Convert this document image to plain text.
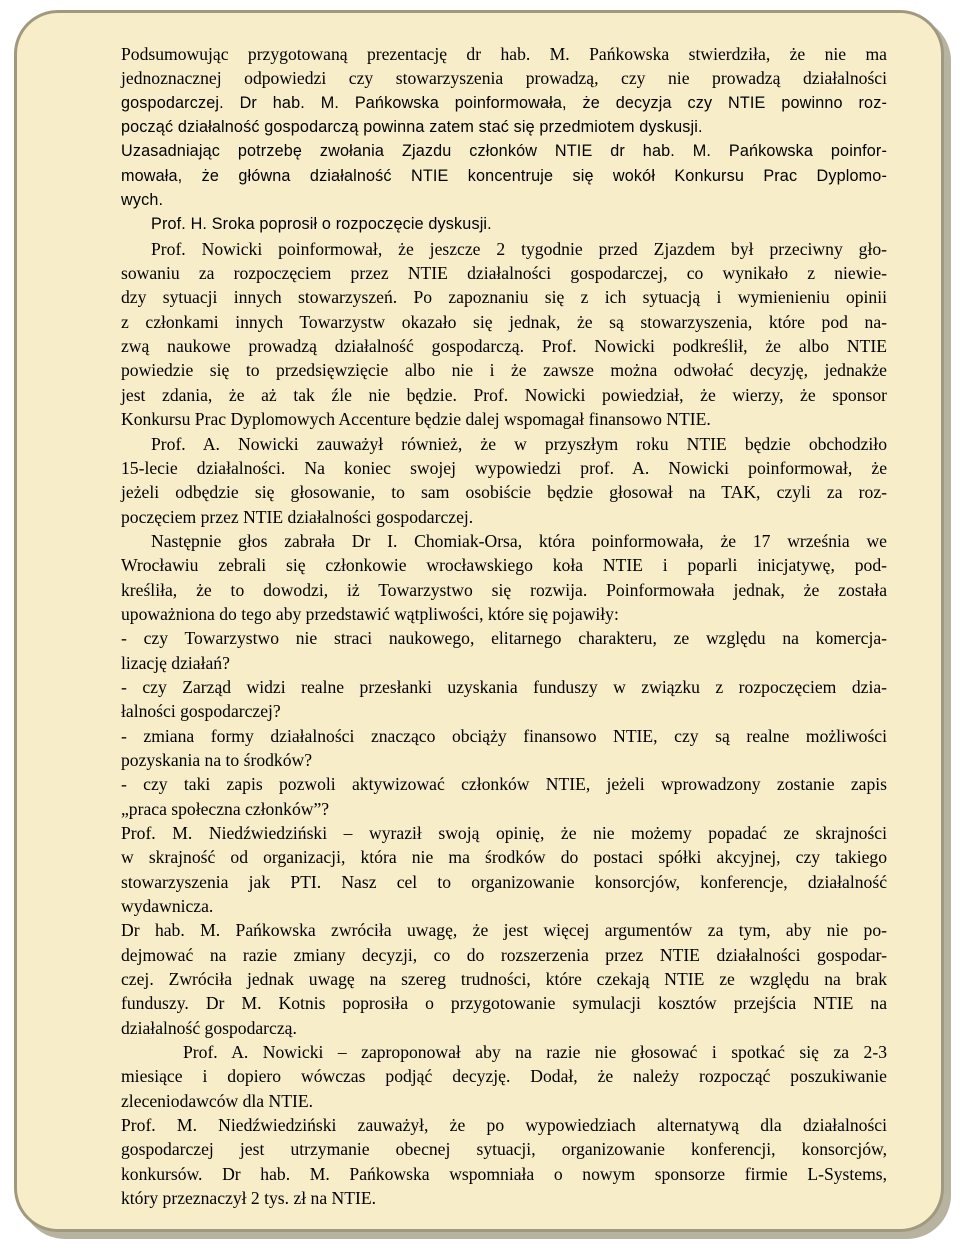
Podsumowując przygotowaną prezentację dr hab. M. Pańkowska stwierdziła, że nie ma
jednoznacznej odpowiedzi czy stowarzyszenia prowadzą, czy nie prowadzą działalności
gospodarczej. Dr hab. M. Pańkowska poinformowała, że decyzja czy NTIE powinno roz-
począć działalność gospodarczą powinna zatem stać się przedmiotem dyskusji.
Uzasadniając potrzebę zwołania Zjazdu członków NTIE dr hab. M. Pańkowska poinfor-
mowała, że główna działalność NTIE koncentruje się wokół Konkursu Prac Dyplomo-
wych.
Prof. H. Sroka poprosił o rozpoczęcie dyskusji.
Prof. Nowicki poinformował, że jeszcze 2 tygodnie przed Zjazdem był przeciwny gło-
sowaniu za rozpoczęciem przez NTIE działalności gospodarczej, co wynikało z niewie-
dzy sytuacji innych stowarzyszeń. Po zapoznaniu się z ich sytuacją i wymienieniu opinii
z członkami innych Towarzystw okazało się jednak, że są stowarzyszenia, które pod na-
zwą naukowe prowadzą działalność gospodarczą. Prof. Nowicki podkreślił, że albo NTIE
powiedzie się to przedsięwzięcie albo nie i że zawsze można odwołać decyzję, jednakże
jest zdania, że aż tak źle nie będzie. Prof. Nowicki powiedział, że wierzy, że sponsor
Konkursu Prac Dyplomowych Accenture będzie dalej wspomagał finansowo NTIE.
Prof. A. Nowicki zauważył również, że w przyszłym roku NTIE będzie obchodziło
15-lecie działalności. Na koniec swojej wypowiedzi prof. A. Nowicki poinformował, że
jeżeli odbędzie się głosowanie, to sam osobiście będzie głosował na TAK, czyli za roz-
poczęciem przez NTIE działalności gospodarczej.
Następnie głos zabrała Dr I. Chomiak-Orsa, która poinformowała, że 17 września we
Wrocławiu zebrali się członkowie wrocławskiego koła NTIE i poparli inicjatywę, pod-
kreśliła, że to dowodzi, iż Towarzystwo się rozwija. Poinformowała jednak, że została
upoważniona do tego aby przedstawić wątpliwości, które się pojawiły:
- czy Towarzystwo nie straci naukowego, elitarnego charakteru, ze względu na komercja-
lizację działań?
- czy Zarząd widzi realne przesłanki uzyskania funduszy w związku z rozpoczęciem dzia-
łalności gospodarczej?
- zmiana formy działalności znacząco obciąży finansowo NTIE, czy są realne możliwości
pozyskania na to środków?
- czy taki zapis pozwoli aktywizować członków NTIE, jeżeli wprowadzony zostanie zapis
„praca społeczna członków”?
Prof. M. Niedźwiedziński – wyraził swoją opinię, że nie możemy popadać ze skrajności
w skrajność od organizacji, która nie ma środków do postaci spółki akcyjnej, czy takiego
stowarzyszenia jak PTI. Nasz cel to organizowanie konsorcjów, konferencje, działalność
wydawnicza.
Dr hab. M. Pańkowska zwróciła uwagę, że jest więcej argumentów za tym, aby nie po-
dejmować na razie zmiany decyzji, co do rozszerzenia przez NTIE działalności gospodar-
czej. Zwróciła jednak uwagę na szereg trudności, które czekają NTIE ze względu na brak
funduszy. Dr M. Kotnis poprosiła o przygotowanie symulacji kosztów przejścia NTIE na
działalność gospodarczą.
Prof. A. Nowicki – zaproponował aby na razie nie głosować i spotkać się za 2-3
miesiące i dopiero wówczas podjąć decyzję. Dodał, że należy rozpocząć poszukiwanie
zleceniodawców dla NTIE.
Prof. M. Niedźwiedziński zauważył, że po wypowiedziach alternatywą dla działalności
gospodarczej jest utrzymanie obecnej sytuacji, organizowanie konferencji, konsorcjów,
konkursów. Dr hab. M. Pańkowska wspomniała o nowym sponsorze firmie L-Systems,
który przeznaczył 2 tys. zł na NTIE.
